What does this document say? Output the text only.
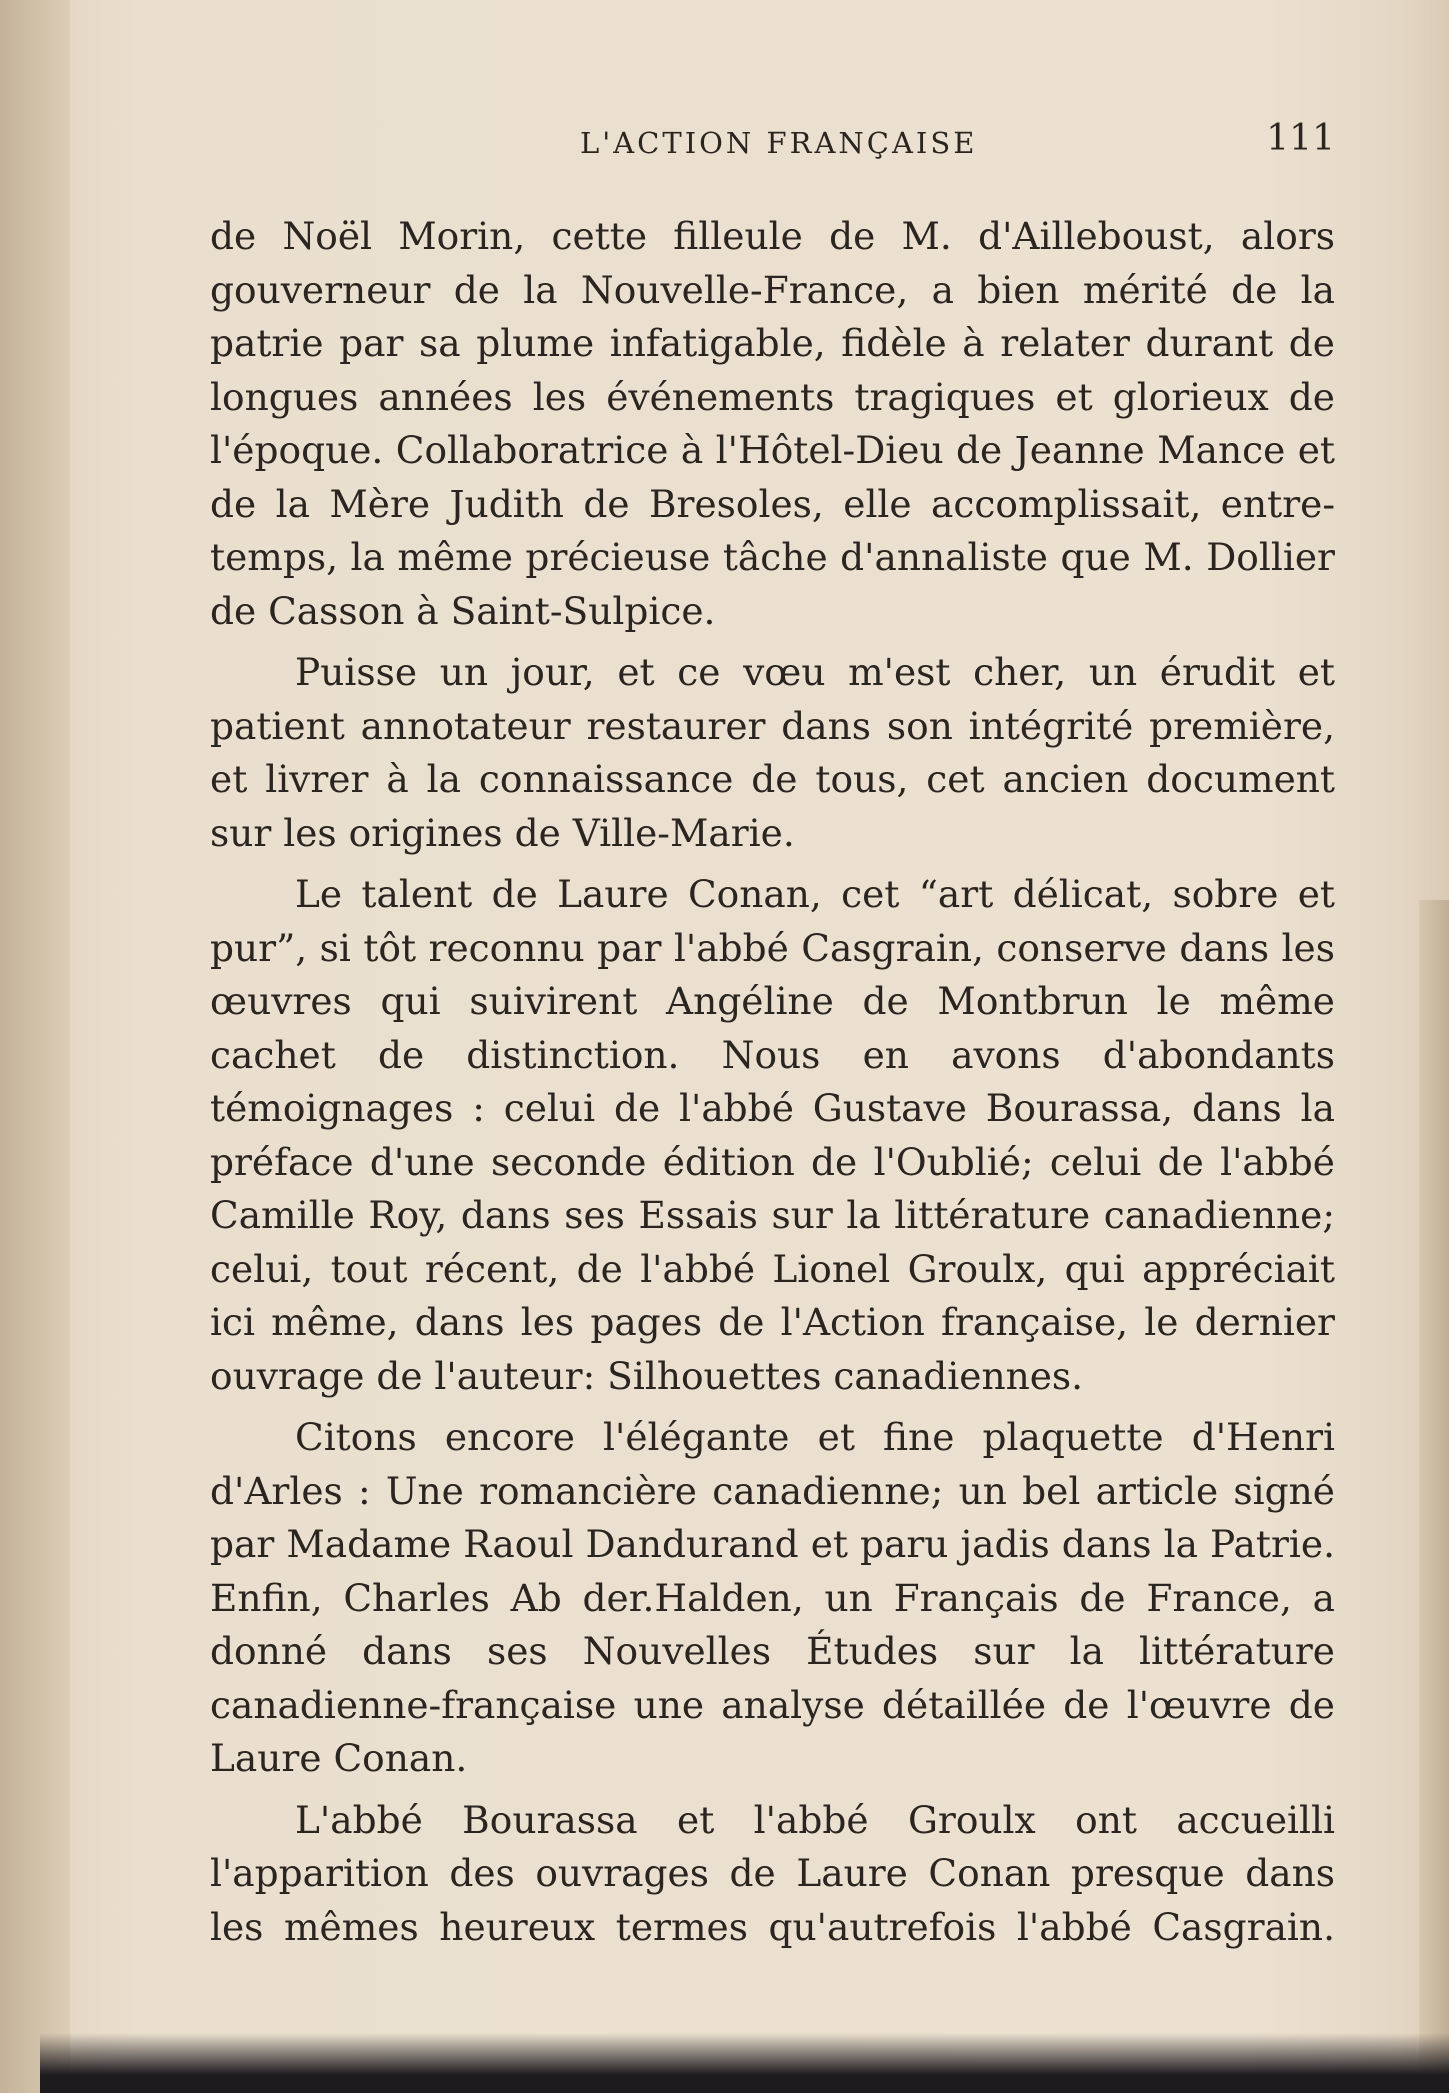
L'ACTION FRANÇAISE	111

de Noël Morin, cette filleule de M. d'Ailleboust, alors gouverneur de la Nouvelle-France, a bien mérité de la patrie par sa plume infatigable, fidèle à relater durant de longues années les événements tragiques et glorieux de l'époque. Collaboratrice à l'Hôtel-Dieu de Jeanne Mance et de la Mère Judith de Bresoles, elle accomplissait, entre-temps, la même précieuse tâche d'annaliste que M. Dollier de Casson à Saint-Sulpice.

Puisse un jour, et ce vœu m'est cher, un érudit et patient annotateur restaurer dans son intégrité première, et livrer à la connaissance de tous, cet ancien document sur les origines de Ville-Marie.

Le talent de Laure Conan, cet “art délicat, sobre et pur”, si tôt reconnu par l'abbé Casgrain, conserve dans les œuvres qui suivirent Angéline de Montbrun le même cachet de distinction. Nous en avons d'abondants témoignages : celui de l'abbé Gustave Bourassa, dans la préface d'une seconde édition de l'Oublié; celui de l'abbé Camille Roy, dans ses Essais sur la littérature canadienne; celui, tout récent, de l'abbé Lionel Groulx, qui appréciait ici même, dans les pages de l'Action française, le dernier ouvrage de l'auteur: Silhouettes canadiennes.

Citons encore l'élégante et fine plaquette d'Henri d'Arles : Une romancière canadienne; un bel article signé par Madame Raoul Dandurand et paru jadis dans la Patrie. Enfin, Charles Ab der.Halden, un Français de France, a donné dans ses Nouvelles Études sur la littérature canadienne-française une analyse détaillée de l'œuvre de Laure Conan.

L'abbé Bourassa et l'abbé Groulx ont accueilli l'apparition des ouvrages de Laure Conan presque dans les mêmes heureux termes qu'autrefois l'abbé Casgrain.
